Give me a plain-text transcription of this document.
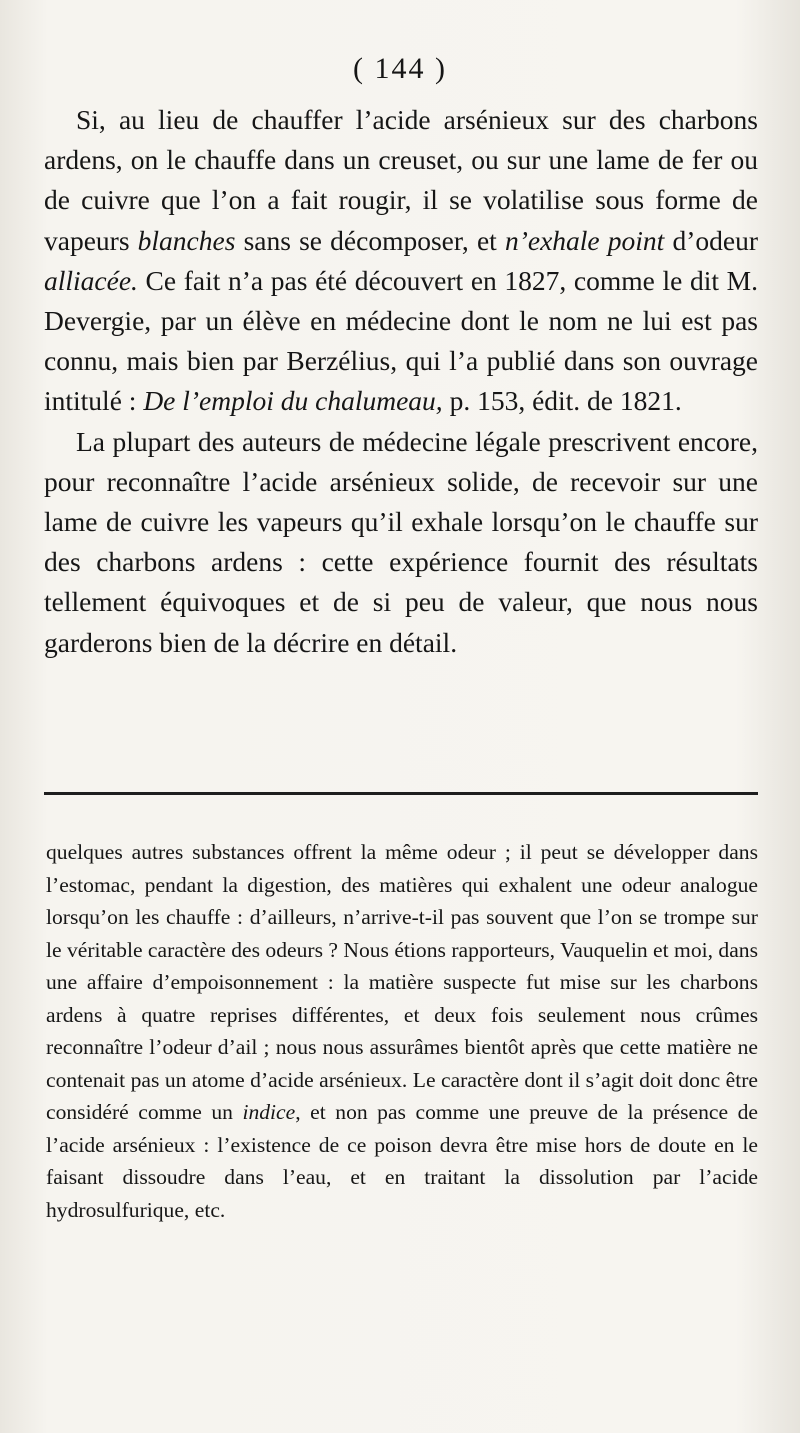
( 144 )

Si, au lieu de chauffer l’acide arsénieux sur des charbons ardens, on le chauffe dans un creuset, ou sur une lame de fer ou de cuivre que l’on a fait rougir, il se volatilise sous forme de vapeurs blanches sans se décomposer, et n’exhale point d’odeur alliacée. Ce fait n’a pas été découvert en 1827, comme le dit M. Devergie, par un élève en médecine dont le nom ne lui est pas connu, mais bien par Berzélius, qui l’a publié dans son ouvrage intitulé : De l’emploi du chalumeau, p. 153, édit. de 1821.

La plupart des auteurs de médecine légale prescrivent encore, pour reconnaître l’acide arsénieux solide, de recevoir sur une lame de cuivre les vapeurs qu’il exhale lorsqu’on le chauffe sur des charbons ardens : cette expérience fournit des résultats tellement équivoques et de si peu de valeur, que nous nous garderons bien de la décrire en détail.

quelques autres substances offrent la même odeur ; il peut se développer dans l’estomac, pendant la digestion, des matières qui exhalent une odeur analogue lorsqu’on les chauffe : d’ailleurs, n’arrive-t-il pas souvent que l’on se trompe sur le véritable caractère des odeurs ? Nous étions rapporteurs, Vauquelin et moi, dans une affaire d’empoisonnement : la matière suspecte fut mise sur les charbons ardens à quatre reprises différentes, et deux fois seulement nous crûmes reconnaître l’odeur d’ail ; nous nous assurâmes bientôt après que cette matière ne contenait pas un atome d’acide arsénieux. Le caractère dont il s’agit doit donc être considéré comme un indice, et non pas comme une preuve de la présence de l’acide arsénieux : l’existence de ce poison devra être mise hors de doute en le faisant dissoudre dans l’eau, et en traitant la dissolution par l’acide hydrosulfurique, etc.
